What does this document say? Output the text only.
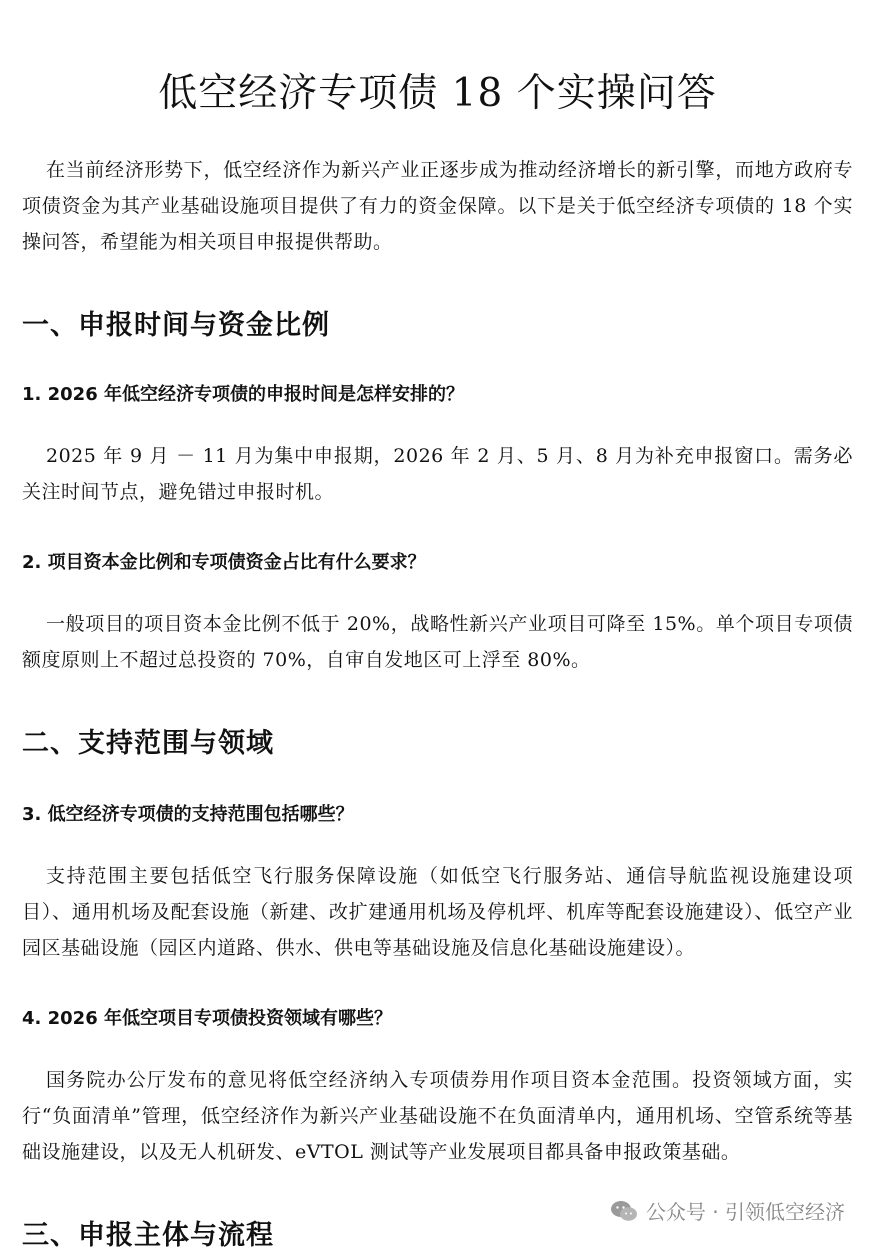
低空经济专项债 18 个实操问答

在当前经济形势下，低空经济作为新兴产业正逐步成为推动经济增长的新引擎，而地方政府专项债资金为其产业基础设施项目提供了有力的资金保障。以下是关于低空经济专项债的 18 个实操问答，希望能为相关项目申报提供帮助。

一、申报时间与资金比例
1. 2026 年低空经济专项债的申报时间是怎样安排的？

2025 年 9 月 － 11 月为集中申报期，2026 年 2 月、5 月、8 月为补充申报窗口。需务必关注时间节点，避免错过申报时机。

2. 项目资本金比例和专项债资金占比有什么要求？

一般项目的项目资本金比例不低于 20%，战略性新兴产业项目可降至 15%。单个项目专项债额度原则上不超过总投资的 70%，自审自发地区可上浮至 80%。

二、支持范围与领域
3. 低空经济专项债的支持范围包括哪些？

支持范围主要包括低空飞行服务保障设施（如低空飞行服务站、通信导航监视设施建设项目）、通用机场及配套设施（新建、改扩建通用机场及停机坪、机库等配套设施建设）、低空产业园区基础设施（园区内道路、供水、供电等基础设施及信息化基础设施建设）。

4. 2026 年低空项目专项债投资领域有哪些？

国务院办公厅发布的意见将低空经济纳入专项债券用作项目资本金范围。投资领域方面，实行“负面清单”管理，低空经济作为新兴产业基础设施不在负面清单内，通用机场、空管系统等基础设施建设，以及无人机研发、eVTOL 测试等产业发展项目都具备申报政策基础。

三、申报主体与流程
公众号 · 引领低空经济
